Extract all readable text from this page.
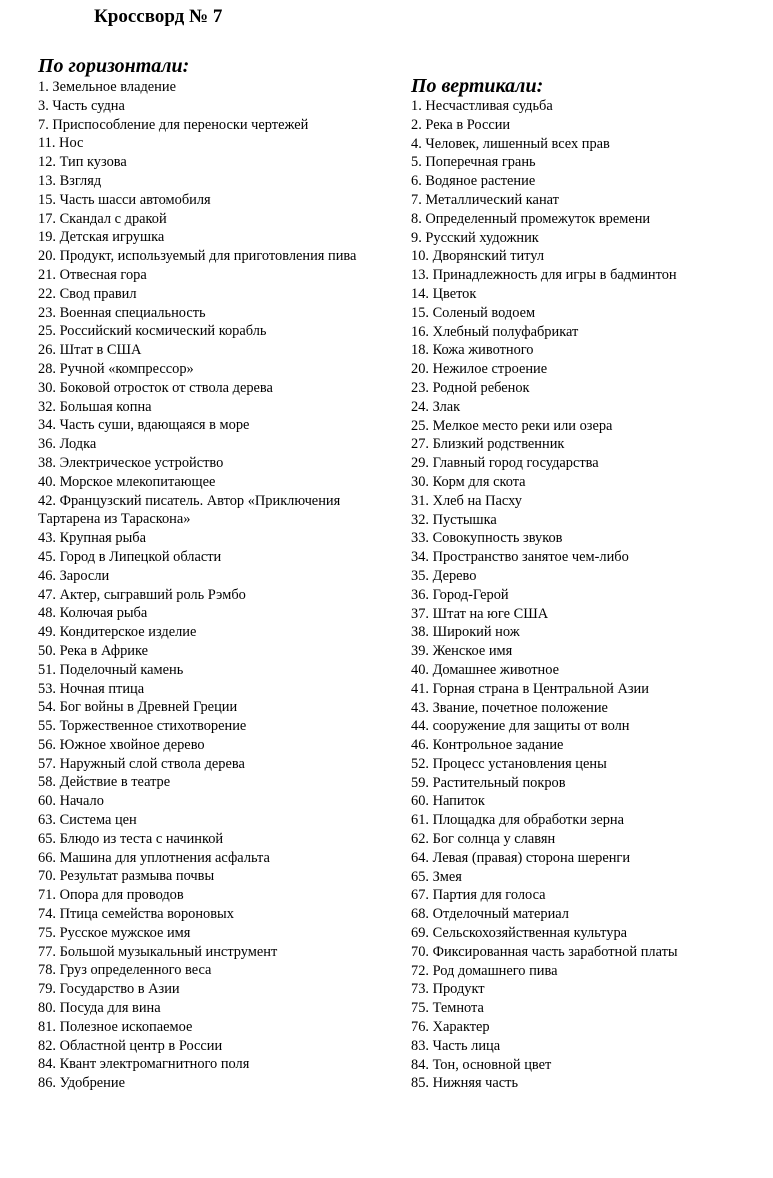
Кроссворд № 7
По горизонтали:
1. Земельное владение
3. Часть судна
7. Приспособление для переноски чертежей
11. Нос
12. Тип кузова
13. Взгляд
15. Часть шасси автомобиля
17. Скандал с дракой
19. Детская игрушка
20. Продукт, используемый для приготовления пива
21. Отвесная гора
22. Свод правил
23. Военная специальность
25. Российский космический корабль
26. Штат в США
28. Ручной «компрессор»
30. Боковой отросток от ствола дерева
32. Большая копна
34. Часть суши, вдающаяся в море
36. Лодка
38. Электрическое устройство
40. Морское млекопитающее
42. Французский писатель. Автор «Приключения Тартарена из Тараскона»
43. Крупная рыба
45. Город в Липецкой области
46. Заросли
47. Актер, сыгравший роль Рэмбо
48. Колючая рыба
49. Кондитерское изделие
50. Река в Африке
51. Поделочный камень
53. Ночная птица
54. Бог войны в Древней Греции
55. Торжественное стихотворение
56. Южное хвойное дерево
57. Наружный слой ствола дерева
58. Действие в театре
60. Начало
63. Система цен
65. Блюдо из теста с начинкой
66. Машина для уплотнения асфальта
70. Результат размыва почвы
71. Опора для проводов
74. Птица семейства вороновых
75. Русское мужское имя
77. Большой музыкальный инструмент
78. Груз определенного веса
79. Государство в Азии
80. Посуда для вина
81. Полезное ископаемое
82. Областной центр в России
84. Квант электромагнитного поля
86. Удобрение
По вертикали:
1. Несчастливая судьба
2. Река в России
4. Человек, лишенный всех прав
5. Поперечная грань
6. Водяное растение
7. Металлический канат
8. Определенный промежуток времени
9. Русский художник
10. Дворянский титул
13. Принадлежность для игры в бадминтон
14. Цветок
15. Соленый водоем
16. Хлебный полуфабрикат
18. Кожа животного
20. Нежилое строение
23. Родной ребенок
24. Злак
25. Мелкое место реки или озера
27. Близкий родственник
29. Главный город государства
30. Корм для скота
31. Хлеб на Пасху
32. Пустышка
33. Совокупность звуков
34. Пространство занятое чем-либо
35. Дерево
36. Город-Герой
37. Штат на юге США
38. Широкий нож
39. Женское имя
40. Домашнее животное
41. Горная страна в Центральной Азии
43. Звание, почетное положение
44. сооружение для защиты от волн
46. Контрольное задание
52. Процесс установления цены
59. Растительный покров
60. Напиток
61. Площадка для обработки зерна
62. Бог солнца у славян
64. Левая (правая) сторона шеренги
65. Змея
67. Партия для голоса
68. Отделочный материал
69. Сельскохозяйственная культура
70. Фиксированная часть заработной платы
72. Род домашнего пива
73. Продукт
75. Темнота
76. Характер
83. Часть лица
84. Тон, основной цвет
85. Нижняя часть
